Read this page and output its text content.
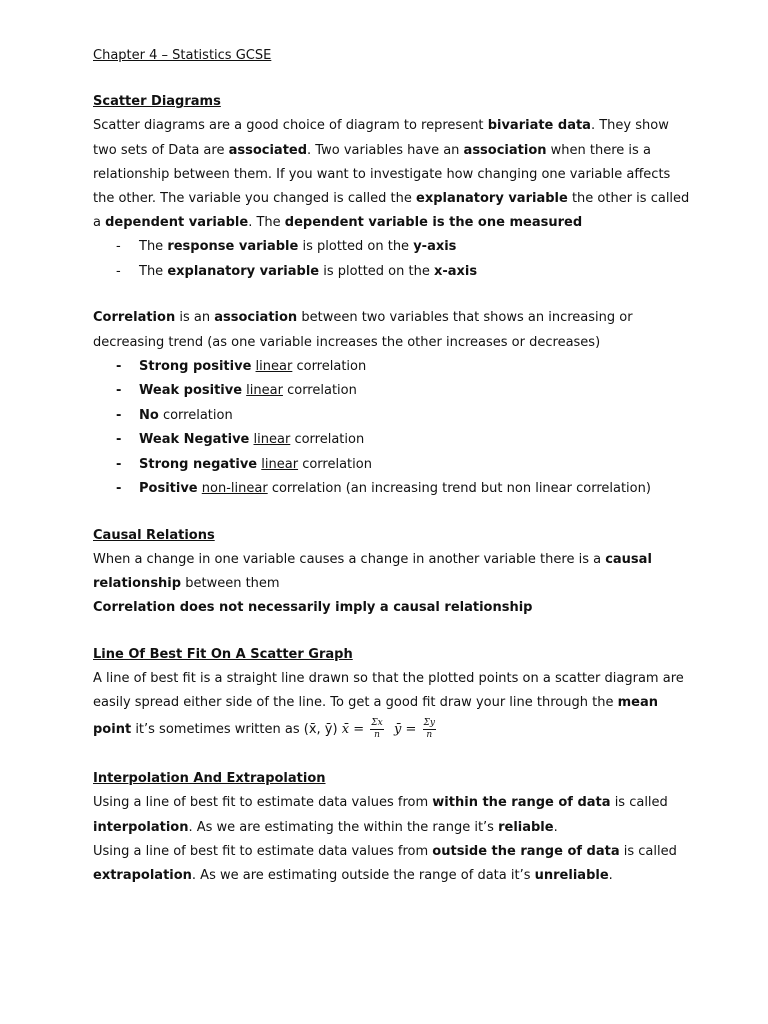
Chapter 4 – Statistics GCSE

Scatter Diagrams

Scatter diagrams are a good choice of diagram to represent bivariate data. They show two sets of Data are associated. Two variables have an association when there is a relationship between them. If you want to investigate how changing one variable affects the other. The variable you changed is called the explanatory variable the other is called a dependent variable. The dependent variable is the one measured

- The response variable is plotted on the y-axis
- The explanatory variable is plotted on the x-axis

Correlation is an association between two variables that shows an increasing or decreasing trend (as one variable increases the other increases or decreases)

- Strong positive linear correlation
- Weak positive linear correlation
- No correlation
- Weak Negative linear correlation
- Strong negative linear correlation
- Positive non-linear correlation (an increasing trend but non linear correlation)

Causal Relations

When a change in one variable causes a change in another variable there is a causal relationship between them

Correlation does not necessarily imply a causal relationship

Line Of Best Fit On A Scatter Graph

A line of best fit is a straight line drawn so that the plotted points on a scatter diagram are easily spread either side of the line. To get a good fit draw your line through the mean point it’s sometimes written as (x̄, ȳ) x̄ = $\frac{\Sigma x}{n}$ ȳ = $\frac{\Sigma y}{n}$

Interpolation And Extrapolation

Using a line of best fit to estimate data values from within the range of data is called interpolation. As we are estimating the within the range it’s reliable.

Using a line of best fit to estimate data values from outside the range of data is called extrapolation. As we are estimating outside the range of data it’s unreliable.
